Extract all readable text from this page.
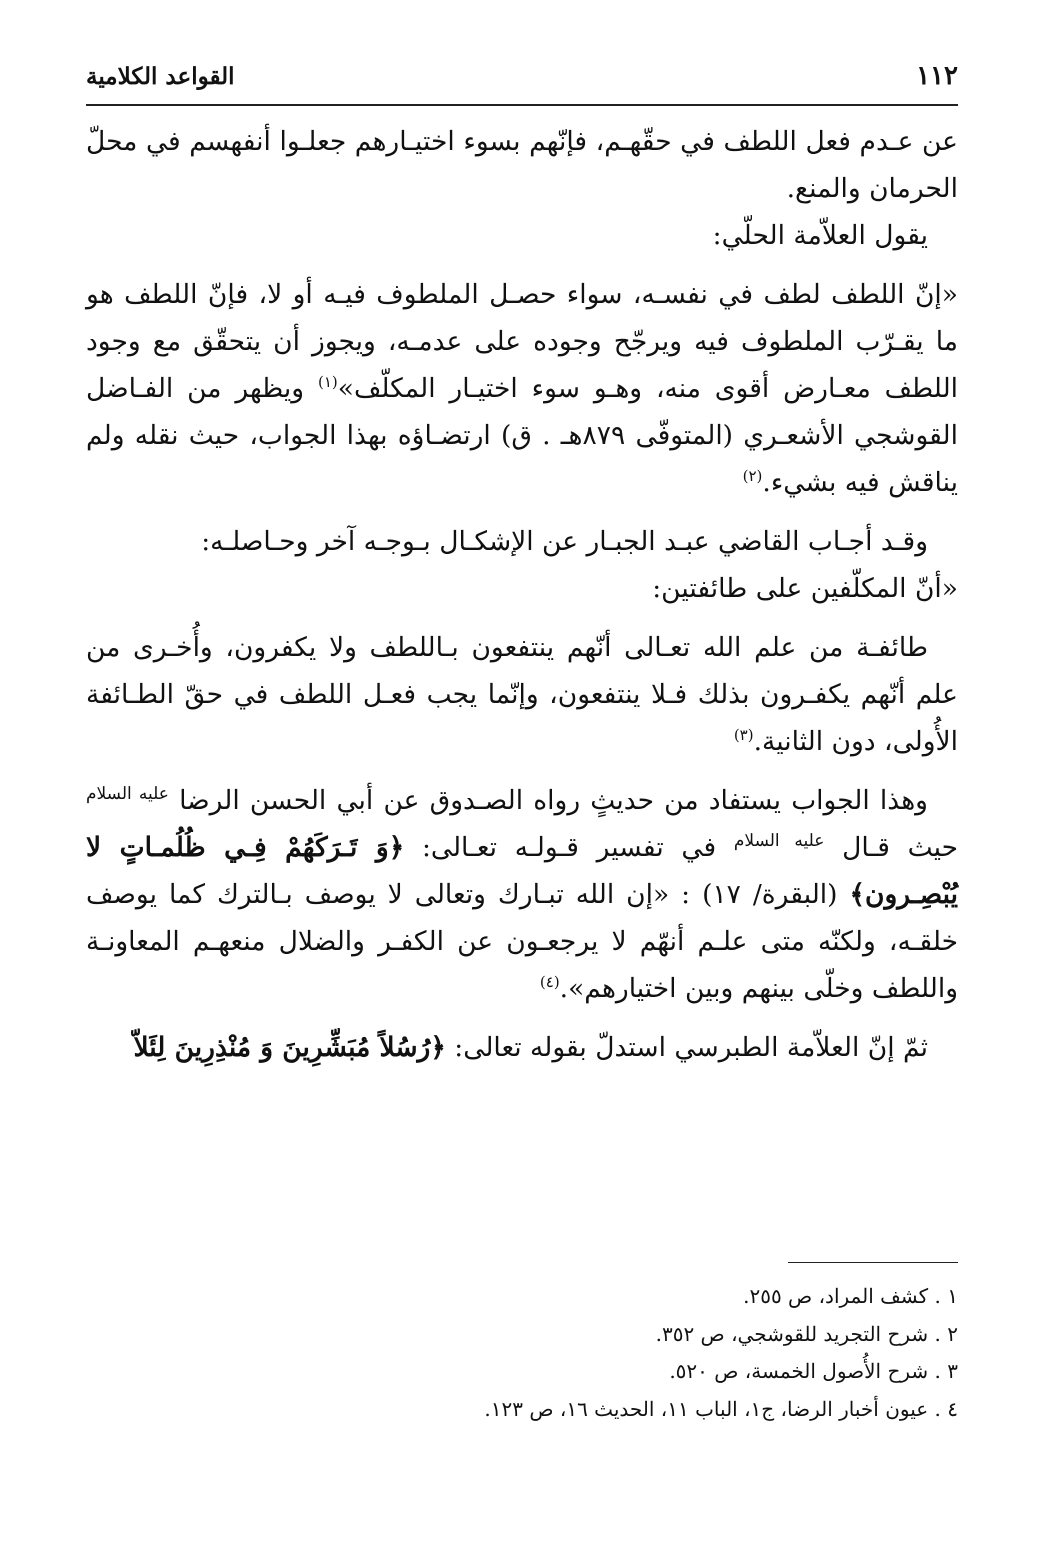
١١٢
القواعد الكلامية

عن عـدم فعل اللطف في حقّهـم، فإنّهم بسوء اختيـارهم جعلـوا أنفهسم في محلّ الحرمان والمنع.

يقول العلاّمة الحلّي:

«إنّ اللطف لطف في نفسـه، سواء حصـل الملطوف فيـه أو لا، فإنّ اللطف هو ما يقـرّب الملطوف فيه ويرجّح وجوده على عدمـه، ويجوز أن يتحقّق مع وجود اللطف معـارض أقوى منه، وهـو سوء اختيـار المكلّف»$^{(١)}$ ويظهر من الفـاضل القوشجي الأشعـري (المتوفّى ٨٧٩هـ . ق) ارتضـاؤه بهذا الجواب، حيث نقله ولم يناقش فيه بشيء.$^{(٢)}$

وقـد أجـاب القاضي عبـد الجبـار عن الإشكـال بـوجـه آخر وحـاصلـه:

«أنّ المكلّفين على طائفتين:

طائفـة من علم الله تعـالى أنّهم ينتفعون بـاللطف ولا يكفرون، وأُخـرى من علم أنّهم يكفـرون بذلك فـلا ينتفعون، وإنّما يجب فعـل اللطف في حقّ الطـائفة الأُولى، دون الثانية.$^{(٣)}$

وهذا الجواب يستفاد من حديثٍ رواه الصـدوق عن أبي الحسن الرضا $^{عليه السلام}$ حيث قـال $^{عليه السلام}$ في تفسير قـولـه تعـالى: ﴿وَ تَـرَكَهُمْ فِـي ظُلُمـاتٍ لا يُبْصِـرون﴾ (البقرة/ ١٧) : «إن الله تبـارك وتعالى لا يوصف بـالترك كما يوصف خلقـه، ولكنّه متى علـم أنهّم لا يرجعـون عن الكفـر والضلال منعهـم المعاونـة واللطف وخلّى بينهم وبين اختيارهم».$^{(٤)}$

ثمّ إنّ العلاّمة الطبرسي استدلّ بقوله تعالى: ﴿رُسُلاً مُبَشِّرِينَ وَ مُنْذِرِينَ لِئَلاّ

١ . كشف المراد، ص ٢٥٥.

٢ . شرح التجريد للقوشجي، ص ٣٥٢.

٣ . شرح الأُصول الخمسة، ص ٥٢٠.

٤ . عيون أخبار الرضا، ج١، الباب ١١، الحديث ١٦، ص ١٢٣.
